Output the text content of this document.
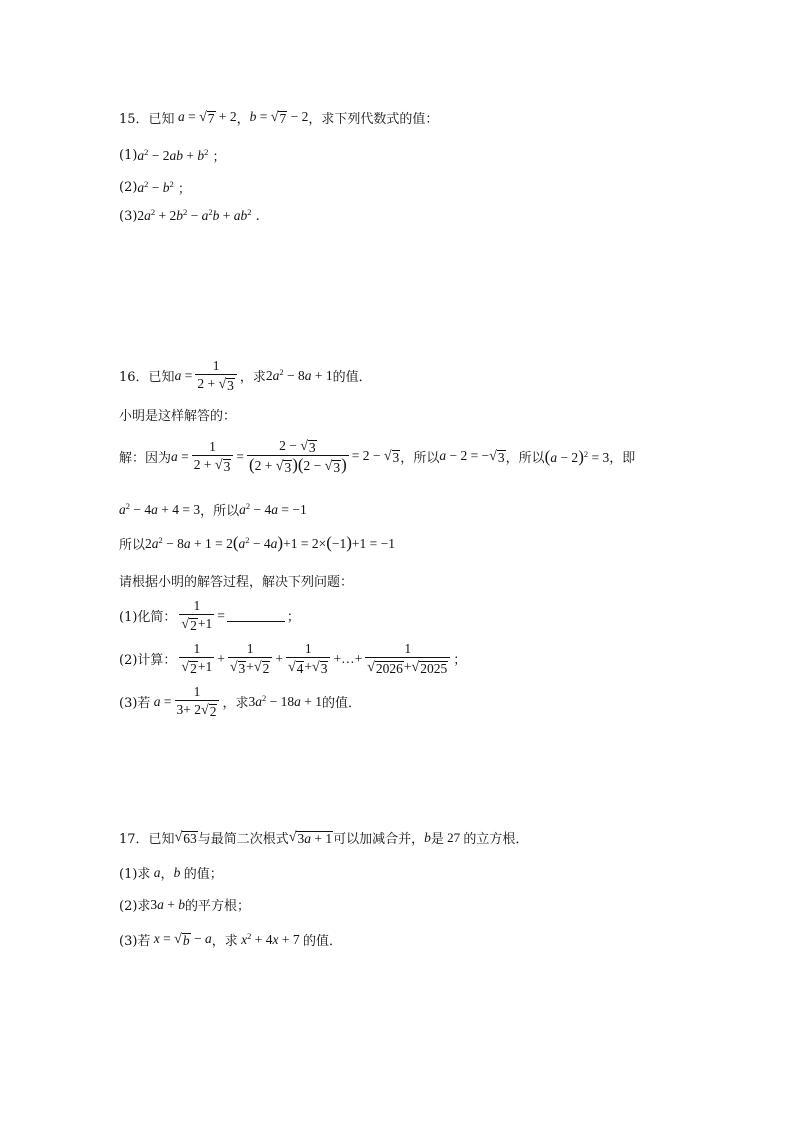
15． 已知 a = √ 7 + 2 ， b = √ 7 − 2 ， 求下列代数式的值：
(1) $a^2 - 2ab + b^2$ ；
(2) $a^2 - b^2$ ；
(3) $2a^2 + 2b^2 - a^2b + ab^2$ .
16． 已知 $a = \frac{1}{2 + √ 3}$ ， 求 $2a^2 - 8a + 1$ 的值．
小明是这样解答的：
解：因为 $a = \frac{1}{2 + √ 3} = \frac{2 - √ 3}{(2 + √ 3 )(2 - √ 3 )} = 2$ − √ 3 ， 所以 a − 2 = − √ 3 ， 所以 $(a - 2)^2 = 3$ ， 即
$a^2 - 4a + 4 = 3$ ， 所以 $a^2 - 4a = -1$
所以 $2a^2 - 8a + 1 = 2(a^2 - 4a)+1 = 2\times(-1)+1 = -1$
请根据小明的解答过程，解决下列问题：
(1)化简： $\frac{1}{√ 2 +1}$ =	；
(2)计算： $\frac{1}{√ 2 +1} + \frac{1}{√ 3 + √ 2} + \frac{1}{√ 4 + √ 3}$ +…+ $\frac{1}{√ 2026 + √ 2025}$ ；
(3)若 $a = \frac{1}{3+ 2 √ 2}$ ， 求 $3a^2 - 18a + 1$ 的值．
17． 已知 √ 63 与最简二次根式 √ 3a + 1 可以加减合并， b 是 27 的立方根．
(1)求 a ， b 的值；
(2)求 3a + b 的平方根；
(3)若 x = √ b − a ， 求 $x^2 + 4x + 7$ 的值．
